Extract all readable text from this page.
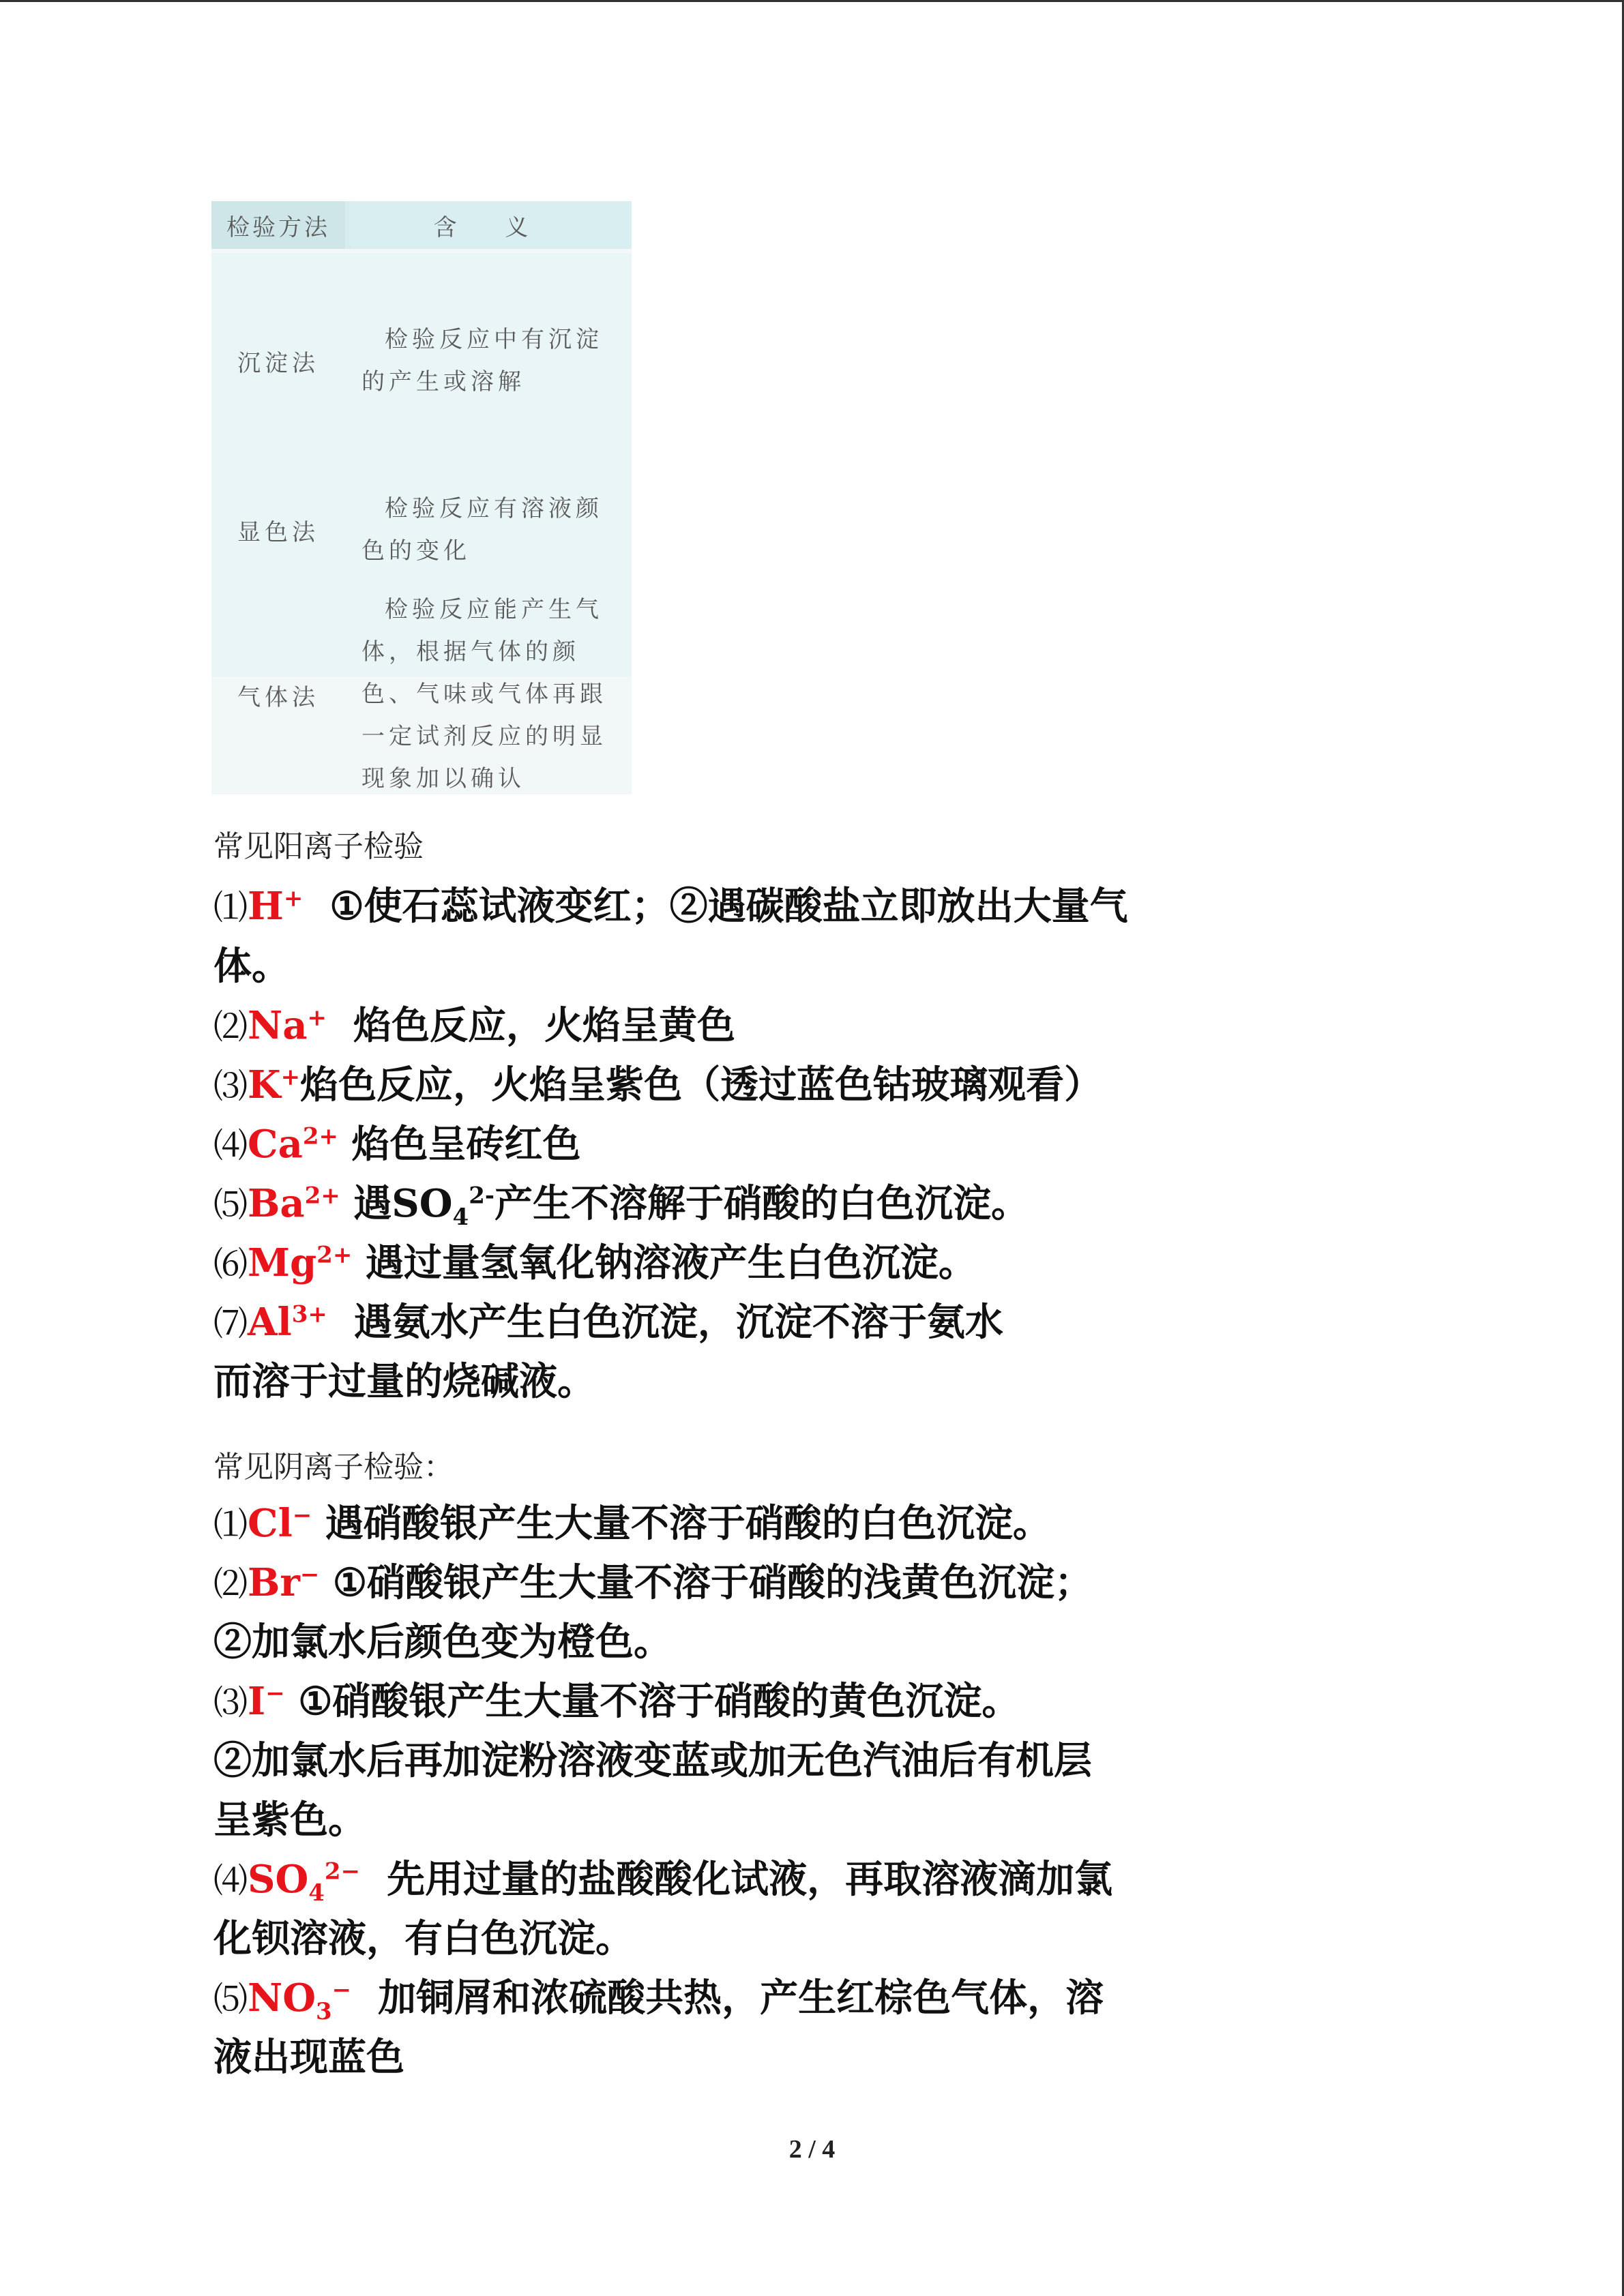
检验方法	含 义
沉淀法
检验反应中有沉淀的产生或溶解
显色法
检验反应有溶液颜色的变化
气体法
检验反应能产生气体，根据气体的颜色、气味或气体再跟一定试剂反应的明显现象加以确认
常见阳离子检验
⑴H+ ①使石蕊试液变红；②遇碳酸盐立即放出大量气
体。
⑵Na+ 焰色反应，火焰呈黄色
⑶K+焰色反应，火焰呈紫色（透过蓝色钴玻璃观看）
$⑷Ca^{2+}$ 焰色呈砖红色
$⑸Ba^{2+}$ 遇$SO_4^{2-}$产生不溶解于硝酸的白色沉淀。
$⑹Mg^{2+}$ 遇过量氢氧化钠溶液产生白色沉淀。
$⑺Al^{3+}$ 遇氨水产生白色沉淀，沉淀不溶于氨水
而溶于过量的烧碱液。
常见阴离子检验：
⑴Cl− 遇硝酸银产生大量不溶于硝酸的白色沉淀。
⑵Br− ①硝酸银产生大量不溶于硝酸的浅黄色沉淀；
②加氯水后颜色变为橙色。
⑶I− ①硝酸银产生大量不溶于硝酸的黄色沉淀。
②加氯水后再加淀粉溶液变蓝或加无色汽油后有机层
呈紫色。
$⑷SO_4^{2-}$ 先用过量的盐酸酸化试液，再取溶液滴加氯
化钡溶液，有白色沉淀。
$⑸NO_3^-$ 加铜屑和浓硫酸共热，产生红棕色气体，溶
液出现蓝色
2 / 4
